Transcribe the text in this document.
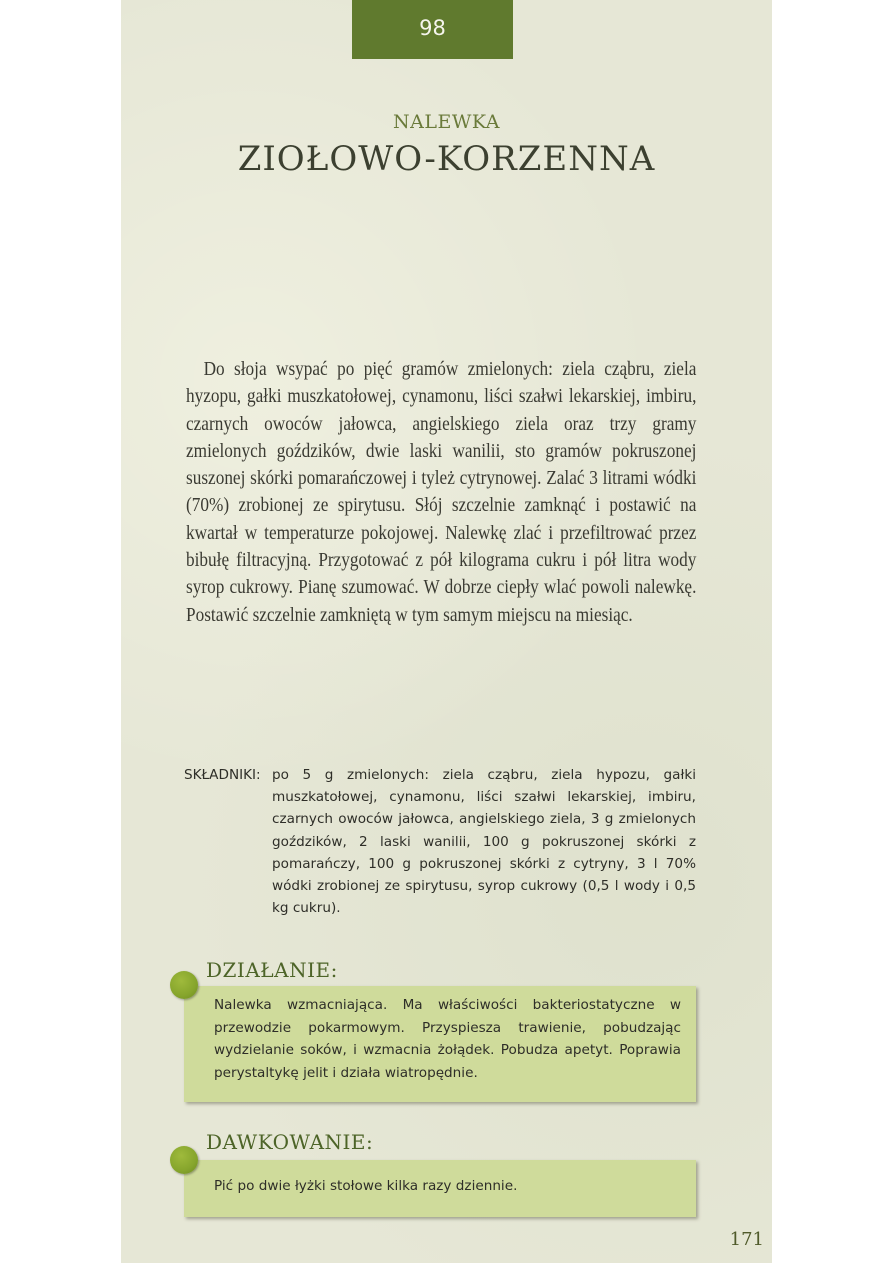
98
NALEWKA
ZIOŁOWO-KORZENNA
Do słoja wsypać po pięć gramów zmielonych: ziela cząbru, ziela hyzopu, gałki muszkatołowej, cynamonu, liści szałwi lekarskiej, imbiru, czarnych owoców jałowca, angielskiego ziela oraz trzy gramy zmielonych goździków, dwie laski wanilii, sto gramów pokruszonej suszonej skórki pomarańczowej i tyleż cytrynowej. Zalać 3 litrami wódki (70%) zrobionej ze spirytusu. Słój szczelnie zamknąć i postawić na kwartał w temperaturze pokojowej. Nalewkę zlać i przefiltrować przez bibułę filtracyjną. Przygotować z pół kilograma cukru i pół litra wody syrop cukrowy. Pianę szumować. W dobrze ciepły wlać powoli nalewkę. Postawić szczelnie zamkniętą w tym samym miejscu na miesiąc.
SKŁADNIKI: po 5 g zmielonych: ziela cząbru, ziela hypozu, gałki muszkatołowej, cynamonu, liści szałwi lekarskiej, imbiru, czarnych owoców jałowca, angielskiego ziela, 3 g zmielonych goździków, 2 laski wanilii, 100 g pokruszonej skórki z pomarańczy, 100 g pokruszonej skórki z cytryny, 3 l 70% wódki zrobionej ze spirytusu, syrop cukrowy (0,5 l wody i 0,5 kg cukru).
DZIAŁANIE:
Nalewka wzmacniająca. Ma właściwości bakteriostatyczne w przewodzie pokarmowym. Przyspiesza trawienie, pobudzając wydzielanie soków, i wzmacnia żołądek. Pobudza apetyt. Poprawia perystaltykę jelit i działa wiatropędnie.
DAWKOWANIE:
Pić po dwie łyżki stołowe kilka razy dziennie.
171
